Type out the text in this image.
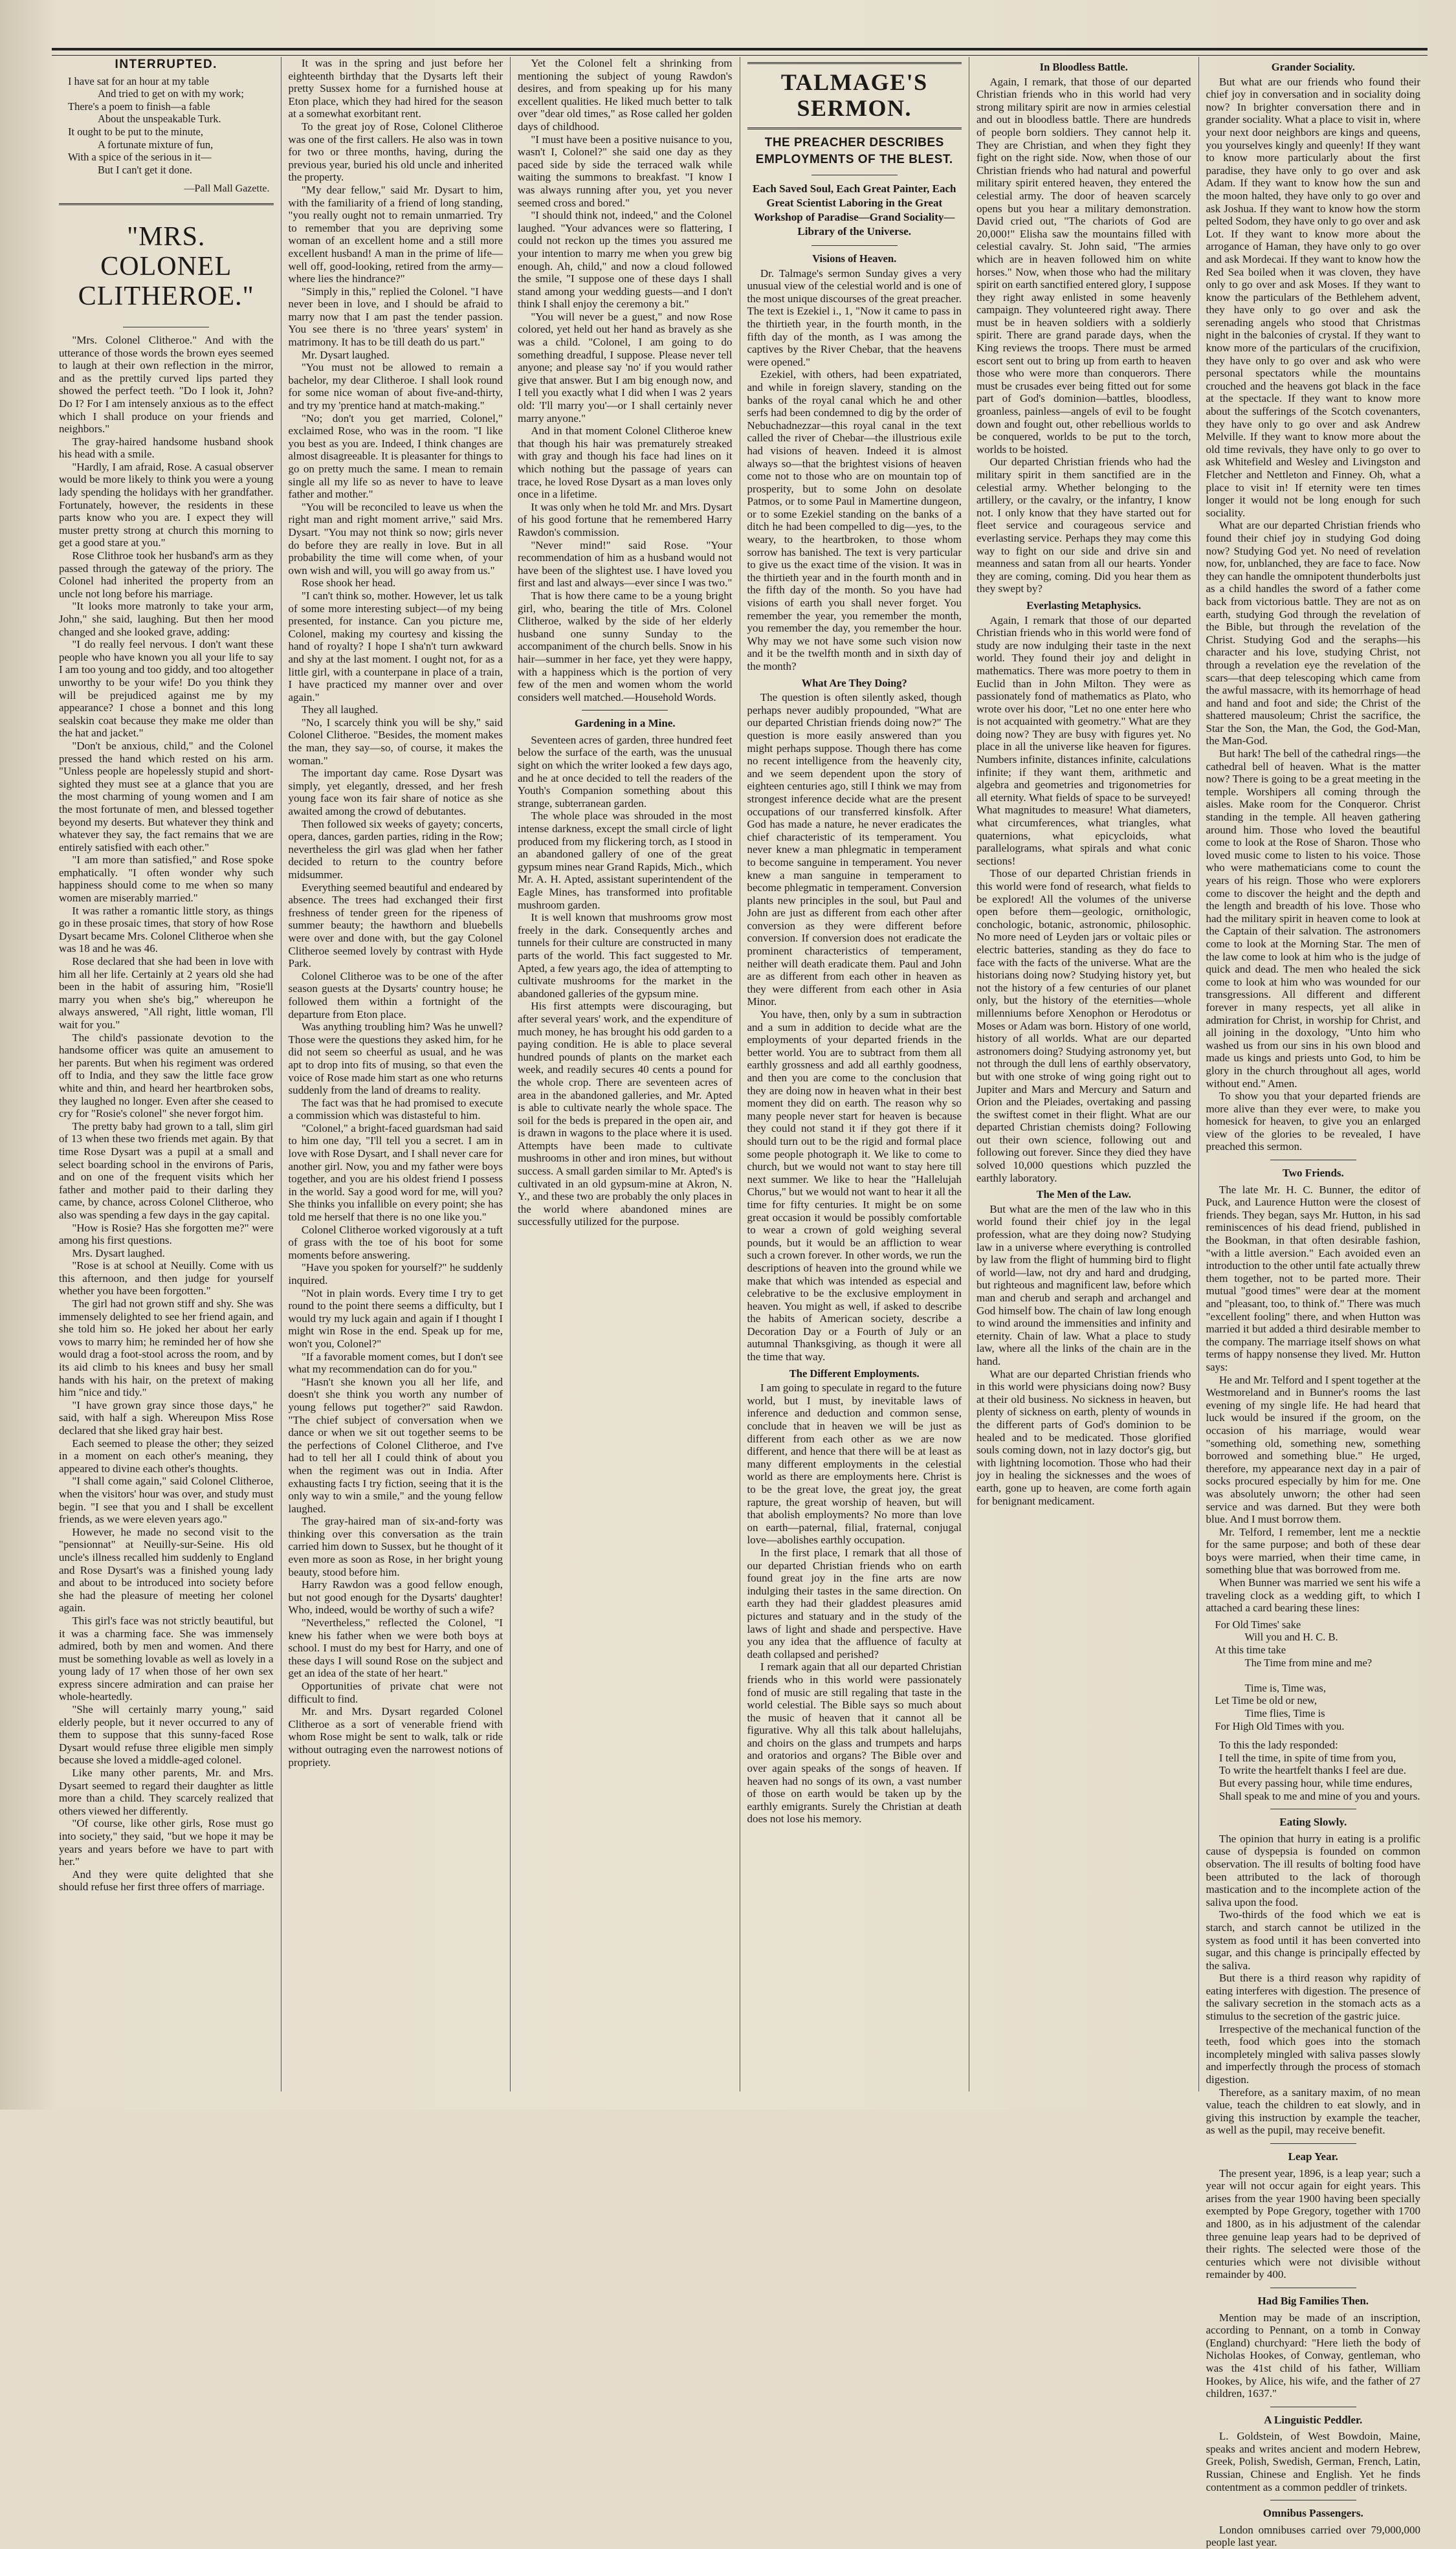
INTERRUPTED.
I have sat for an hour at my table
And tried to get on with my work;
There's a poem to finish—a fable
About the unspeakable Turk.
It ought to be put to the minute,
A fortunate mixture of fun,
With a spice of the serious in it—
But I can't get it done.
—Pall Mall Gazette.
"MRS. COLONEL CLITHEROE."

"Mrs. Colonel Clitheroe." And with the utterance of those words the brown eyes seemed to laugh at their own reflection in the mirror, and as the prettily curved lips parted they showed the perfect teeth. "Do I look it, John? Do I? For I am intensely anxious as to the effect which I shall produce on your friends and neighbors."

The gray-haired handsome husband shook his head with a smile.

"Hardly, I am afraid, Rose. A casual observer would be more likely to think you were a young lady spending the holidays with her grandfather. Fortunately, however, the residents in these parts know who you are. I expect they will muster pretty strong at church this morning to get a good stare at you."

Rose Clithroe took her husband's arm as they passed through the gateway of the priory. The Colonel had inherited the property from an uncle not long before his marriage.

"It looks more matronly to take your arm, John," she said, laughing. But then her mood changed and she looked grave, adding:

"I do really feel nervous. I don't want these people who have known you all your life to say I am too young and too giddy, and too altogether unworthy to be your wife! Do you think they will be prejudiced against me by my appearance? I chose a bonnet and this long sealskin coat because they make me older than the hat and jacket."

"Don't be anxious, child," and the Colonel pressed the hand which rested on his arm. "Unless people are hopelessly stupid and short-sighted they must see at a glance that you are the most charming of young women and I am the most fortunate of men, and blessed together beyond my deserts. But whatever they think and whatever they say, the fact remains that we are entirely satisfied with each other."

"I am more than satisfied," and Rose spoke emphatically. "I often wonder why such happiness should come to me when so many women are miserably married."

It was rather a romantic little story, as things go in these prosaic times, that story of how Rose Dysart became Mrs. Colonel Clitheroe when she was 18 and he was 46.

Rose declared that she had been in love with him all her life. Certainly at 2 years old she had been in the habit of assuring him, "Rosie'll marry you when she's big," whereupon he always answered, "All right, little woman, I'll wait for you."

The child's passionate devotion to the handsome officer was quite an amusement to her parents. But when his regiment was ordered off to India, and they saw the little face grow white and thin, and heard her heartbroken sobs, they laughed no longer. Even after she ceased to cry for "Rosie's colonel" she never forgot him.

The pretty baby had grown to a tall, slim girl of 13 when these two friends met again. By that time Rose Dysart was a pupil at a small and select boarding school in the environs of Paris, and on one of the frequent visits which her father and mother paid to their darling they came, by chance, across Colonel Clitheroe, who also was spending a few days in the gay capital.

"How is Rosie? Has she forgotten me?" were among his first questions.

Mrs. Dysart laughed.

"Rose is at school at Neuilly. Come with us this afternoon, and then judge for yourself whether you have been forgotten."

The girl had not grown stiff and shy. She was immensely delighted to see her friend again, and she told him so. He joked her about her early vows to marry him; he reminded her of how she would drag a foot-stool across the room, and by its aid climb to his knees and busy her small hands with his hair, on the pretext of making him "nice and tidy."

"I have grown gray since those days," he said, with half a sigh. Whereupon Miss Rose declared that she liked gray hair best.

Each seemed to please the other; they seized in a moment on each other's meaning, they appeared to divine each other's thoughts.

"I shall come again," said Colonel Clitheroe, when the visitors' hour was over, and study must begin. "I see that you and I shall be excellent friends, as we were eleven years ago."

However, he made no second visit to the "pensionnat" at Neuilly-sur-Seine. His old uncle's illness recalled him suddenly to England and Rose Dysart's was a finished young lady and about to be introduced into society before she had the pleasure of meeting her colonel again.

This girl's face was not strictly beautiful, but it was a charming face. She was immensely admired, both by men and women. And there must be something lovable as well as lovely in a young lady of 17 when those of her own sex express sincere admiration and can praise her whole-heartedly.

"She will certainly marry young," said elderly people, but it never occurred to any of them to suppose that this sunny-faced Rose Dysart would refuse three eligible men simply because she loved a middle-aged colonel.

Like many other parents, Mr. and Mrs. Dysart seemed to regard their daughter as little more than a child. They scarcely realized that others viewed her differently.

"Of course, like other girls, Rose must go into society," they said, "but we hope it may be years and years before we have to part with her."

And they were quite delighted that she should refuse her first three offers of marriage.

It was in the spring and just before her eighteenth birthday that the Dysarts left their pretty Sussex home for a furnished house at Eton place, which they had hired for the season at a somewhat exorbitant rent.

To the great joy of Rose, Colonel Clitheroe was one of the first callers. He also was in town for two or three months, having, during the previous year, buried his old uncle and inherited the property.

"My dear fellow," said Mr. Dysart to him, with the familiarity of a friend of long standing, "you really ought not to remain unmarried. Try to remember that you are depriving some woman of an excellent home and a still more excellent husband! A man in the prime of life—well off, good-looking, retired from the army—where lies the hindrance?"

"Simply in this," replied the Colonel. "I have never been in love, and I should be afraid to marry now that I am past the tender passion. You see there is no 'three years' system' in matrimony. It has to be till death do us part."

Mr. Dysart laughed.

"You must not be allowed to remain a bachelor, my dear Clitheroe. I shall look round for some nice woman of about five-and-thirty, and try my 'prentice hand at match-making."

"No; don't you get married, Colonel," exclaimed Rose, who was in the room. "I like you best as you are. Indeed, I think changes are almost disagreeable. It is pleasanter for things to go on pretty much the same. I mean to remain single all my life so as never to have to leave father and mother."

"You will be reconciled to leave us when the right man and right moment arrive," said Mrs. Dysart. "You may not think so now; girls never do before they are really in love. But in all probability the time will come when, of your own wish and will, you will go away from us."

Rose shook her head.

"I can't think so, mother. However, let us talk of some more interesting subject—of my being presented, for instance. Can you picture me, Colonel, making my courtesy and kissing the hand of royalty? I hope I sha'n't turn awkward and shy at the last moment. I ought not, for as a little girl, with a counterpane in place of a train, I have practiced my manner over and over again."

They all laughed.

"No, I scarcely think you will be shy," said Colonel Clitheroe. "Besides, the moment makes the man, they say—so, of course, it makes the woman."

The important day came. Rose Dysart was simply, yet elegantly, dressed, and her fresh young face won its fair share of notice as she awaited among the crowd of debutantes.

Then followed six weeks of gayety; concerts, opera, dances, garden parties, riding in the Row; nevertheless the girl was glad when her father decided to return to the country before midsummer.

Everything seemed beautiful and endeared by absence. The trees had exchanged their first freshness of tender green for the ripeness of summer beauty; the hawthorn and bluebells were over and done with, but the gay Colonel Clitheroe seemed lovely by contrast with Hyde Park.

Colonel Clitheroe was to be one of the after season guests at the Dysarts' country house; he followed them within a fortnight of the departure from Eton place.

Was anything troubling him? Was he unwell? Those were the questions they asked him, for he did not seem so cheerful as usual, and he was apt to drop into fits of musing, so that even the voice of Rose made him start as one who returns suddenly from the land of dreams to reality.

The fact was that he had promised to execute a commission which was distasteful to him.

"Colonel," a bright-faced guardsman had said to him one day, "I'll tell you a secret. I am in love with Rose Dysart, and I shall never care for another girl. Now, you and my father were boys together, and you are his oldest friend I possess in the world. Say a good word for me, will you? She thinks you infallible on every point; she has told me herself that there is no one like you."

Colonel Clitheroe worked vigorously at a tuft of grass with the toe of his boot for some moments before answering.

"Have you spoken for yourself?" he suddenly inquired.

"Not in plain words. Every time I try to get round to the point there seems a difficulty, but I would try my luck again and again if I thought I might win Rose in the end. Speak up for me, won't you, Colonel?"

"If a favorable moment comes, but I don't see what my recommendation can do for you."

"Hasn't she known you all her life, and doesn't she think you worth any number of young fellows put together?" said Rawdon. "The chief subject of conversation when we dance or when we sit out together seems to be the perfections of Colonel Clitheroe, and I've had to tell her all I could think of about you when the regiment was out in India. After exhausting facts I try fiction, seeing that it is the only way to win a smile," and the young fellow laughed.

The gray-haired man of six-and-forty was thinking over this conversation as the train carried him down to Sussex, but he thought of it even more as soon as Rose, in her bright young beauty, stood before him.

Harry Rawdon was a good fellow enough, but not good enough for the Dysarts' daughter! Who, indeed, would be worthy of such a wife?

"Nevertheless," reflected the Colonel, "I knew his father when we were both boys at school. I must do my best for Harry, and one of these days I will sound Rose on the subject and get an idea of the state of her heart."

Opportunities of private chat were not difficult to find.

Mr. and Mrs. Dysart regarded Colonel Clitheroe as a sort of venerable friend with whom Rose might be sent to walk, talk or ride without outraging even the narrowest notions of propriety.

Yet the Colonel felt a shrinking from mentioning the subject of young Rawdon's desires, and from speaking up for his many excellent qualities. He liked much better to talk over "dear old times," as Rose called her golden days of childhood.

"I must have been a positive nuisance to you, wasn't I, Colonel?" she said one day as they paced side by side the terraced walk while waiting the summons to breakfast. "I know I was always running after you, yet you never seemed cross and bored."

"I should think not, indeed," and the Colonel laughed. "Your advances were so flattering, I could not reckon up the times you assured me your intention to marry me when you grew big enough. Ah, child," and now a cloud followed the smile, "I suppose one of these days I shall stand among your wedding guests—and I don't think I shall enjoy the ceremony a bit."

"You will never be a guest," and now Rose colored, yet held out her hand as bravely as she was a child. "Colonel, I am going to do something dreadful, I suppose. Please never tell anyone; and please say 'no' if you would rather give that answer. But I am big enough now, and I tell you exactly what I did when I was 2 years old: 'I'll marry you'—or I shall certainly never marry anyone."

And in that moment Colonel Clitheroe knew that though his hair was prematurely streaked with gray and though his face had lines on it which nothing but the passage of years can trace, he loved Rose Dysart as a man loves only once in a lifetime.

It was only when he told Mr. and Mrs. Dysart of his good fortune that he remembered Harry Rawdon's commission.

"Never mind!" said Rose. "Your recommendation of him as a husband would not have been of the slightest use. I have loved you first and last and always—ever since I was two."

That is how there came to be a young bright girl, who, bearing the title of Mrs. Colonel Clitheroe, walked by the side of her elderly husband one sunny Sunday to the accompaniment of the church bells. Snow in his hair—summer in her face, yet they were happy, with a happiness which is the portion of very few of the men and women whom the world considers well matched.—Household Words.

Gardening in a Mine.

Seventeen acres of garden, three hundred feet below the surface of the earth, was the unusual sight on which the writer looked a few days ago, and he at once decided to tell the readers of the Youth's Companion something about this strange, subterranean garden.

The whole place was shrouded in the most intense darkness, except the small circle of light produced from my flickering torch, as I stood in an abandoned gallery of one of the great gypsum mines near Grand Rapids, Mich., which Mr. A. H. Apted, assistant superintendent of the Eagle Mines, has transformed into profitable mushroom garden.

It is well known that mushrooms grow most freely in the dark. Consequently arches and tunnels for their culture are constructed in many parts of the world. This fact suggested to Mr. Apted, a few years ago, the idea of attempting to cultivate mushrooms for the market in the abandoned galleries of the gypsum mine.

His first attempts were discouraging, but after several years' work, and the expenditure of much money, he has brought his odd garden to a paying condition. He is able to place several hundred pounds of plants on the market each week, and readily secures 40 cents a pound for the whole crop. There are seventeen acres of area in the abandoned galleries, and Mr. Apted is able to cultivate nearly the whole space. The soil for the beds is prepared in the open air, and is drawn in wagons to the place where it is used. Attempts have been made to cultivate mushrooms in other and iron mines, but without success. A small garden similar to Mr. Apted's is cultivated in an old gypsum-mine at Akron, N. Y., and these two are probably the only places in the world where abandoned mines are successfully utilized for the purpose.

TALMAGE'S SERMON.
THE PREACHER DESCRIBES EMPLOYMENTS OF THE BLEST.
Each Saved Soul, Each Great Painter, Each Great Scientist Laboring in the Great Workshop of Paradise—Grand Sociality—Library of the Universe.
Visions of Heaven.

Dr. Talmage's sermon Sunday gives a very unusual view of the celestial world and is one of the most unique discourses of the great preacher. The text is Ezekiel i., 1, "Now it came to pass in the thirtieth year, in the fourth month, in the fifth day of the month, as I was among the captives by the River Chebar, that the heavens were opened."

Ezekiel, with others, had been expatriated, and while in foreign slavery, standing on the banks of the royal canal which he and other serfs had been condemned to dig by the order of Nebuchadnezzar—this royal canal in the text called the river of Chebar—the illustrious exile had visions of heaven. Indeed it is almost always so—that the brightest visions of heaven come not to those who are on mountain top of prosperity, but to some John on desolate Patmos, or to some Paul in Mamertine dungeon, or to some Ezekiel standing on the banks of a ditch he had been compelled to dig—yes, to the weary, to the heartbroken, to those whom sorrow has banished. The text is very particular to give us the exact time of the vision. It was in the thirtieth year and in the fourth month and in the fifth day of the month. So you have had visions of earth you shall never forget. You remember the year, you remember the month, you remember the day, you remember the hour. Why may we not have some such vision now and it be the twelfth month and in sixth day of the month?

What Are They Doing?

The question is often silently asked, though perhaps never audibly propounded, "What are our departed Christian friends doing now?" The question is more easily answered than you might perhaps suppose. Though there has come no recent intelligence from the heavenly city, and we seem dependent upon the story of eighteen centuries ago, still I think we may from strongest inference decide what are the present occupations of our transferred kinsfolk. After God has made a nature, he never eradicates the chief characteristic of its temperament. You never knew a man phlegmatic in temperament to become sanguine in temperament. You never knew a man sanguine in temperament to become phlegmatic in temperament. Conversion plants new principles in the soul, but Paul and John are just as different from each other after conversion as they were different before conversion. If conversion does not eradicate the prominent characteristics of temperament, neither will death eradicate them. Paul and John are as different from each other in heaven as they were different from each other in Asia Minor.

You have, then, only by a sum in subtraction and a sum in addition to decide what are the employments of your departed friends in the better world. You are to subtract from them all earthly grossness and add all earthly goodness, and then you are come to the conclusion that they are doing now in heaven what in their best moment they did on earth. The reason why so many people never start for heaven is because they could not stand it if they got there if it should turn out to be the rigid and formal place some people photograph it. We like to come to church, but we would not want to stay here till next summer. We like to hear the "Hallelujah Chorus," but we would not want to hear it all the time for fifty centuries. It might be on some great occasion it would be possibly comfortable to wear a crown of gold weighing several pounds, but it would be an affliction to wear such a crown forever. In other words, we run the descriptions of heaven into the ground while we make that which was intended as especial and celebrative to be the exclusive employment in heaven. You might as well, if asked to describe the habits of American society, describe a Decoration Day or a Fourth of July or an autumnal Thanksgiving, as though it were all the time that way.

The Different Employments.

I am going to speculate in regard to the future world, but I must, by inevitable laws of inference and deduction and common sense, conclude that in heaven we will be just as different from each other as we are now different, and hence that there will be at least as many different employments in the celestial world as there are employments here. Christ is to be the great love, the great joy, the great rapture, the great worship of heaven, but will that abolish employments? No more than love on earth—paternal, filial, fraternal, conjugal love—abolishes earthly occupation.

In the first place, I remark that all those of our departed Christian friends who on earth found great joy in the fine arts are now indulging their tastes in the same direction. On earth they had their gladdest pleasures amid pictures and statuary and in the study of the laws of light and shade and perspective. Have you any idea that the affluence of faculty at death collapsed and perished?

I remark again that all our departed Christian friends who in this world were passionately fond of music are still regaling that taste in the world celestial. The Bible says so much about the music of heaven that it cannot all be figurative. Why all this talk about hallelujahs, and choirs on the glass and trumpets and harps and oratorios and organs? The Bible over and over again speaks of the songs of heaven. If heaven had no songs of its own, a vast number of those on earth would be taken up by the earthly emigrants. Surely the Christian at death does not lose his memory.

In Bloodless Battle.

Again, I remark, that those of our departed Christian friends who in this world had very strong military spirit are now in armies celestial and out in bloodless battle. There are hundreds of people born soldiers. They cannot help it. They are Christian, and when they fight they fight on the right side. Now, when those of our Christian friends who had natural and powerful military spirit entered heaven, they entered the celestial army. The door of heaven scarcely opens but you hear a military demonstration. David cried out, "The chariots of God are 20,000!" Elisha saw the mountains filled with celestial cavalry. St. John said, "The armies which are in heaven followed him on white horses." Now, when those who had the military spirit on earth sanctified entered glory, I suppose they right away enlisted in some heavenly campaign. They volunteered right away. There must be in heaven soldiers with a soldierly spirit. There are grand parade days, when the King reviews the troops. There must be armed escort sent out to bring up from earth to heaven those who were more than conquerors. There must be crusades ever being fitted out for some part of God's dominion—battles, bloodless, groanless, painless—angels of evil to be fought down and fought out, other rebellious worlds to be conquered, worlds to be put to the torch, worlds to be hoisted.

Our departed Christian friends who had the military spirit in them sanctified are in the celestial army. Whether belonging to the artillery, or the cavalry, or the infantry, I know not. I only know that they have started out for fleet service and courageous service and everlasting service. Perhaps they may come this way to fight on our side and drive sin and meanness and satan from all our hearts. Yonder they are coming, coming. Did you hear them as they swept by?

Everlasting Metaphysics.

Again, I remark that those of our departed Christian friends who in this world were fond of study are now indulging their taste in the next world. They found their joy and delight in mathematics. There was more poetry to them in Euclid than in John Milton. They were as passionately fond of mathematics as Plato, who wrote over his door, "Let no one enter here who is not acquainted with geometry." What are they doing now? They are busy with figures yet. No place in all the universe like heaven for figures. Numbers infinite, distances infinite, calculations infinite; if they want them, arithmetic and algebra and geometries and trigonometries for all eternity. What fields of space to be surveyed! What magnitudes to measure! What diameters, what circumferences, what triangles, what quaternions, what epicycloids, what parallelograms, what spirals and what conic sections!

Those of our departed Christian friends in this world were fond of research, what fields to be explored! All the volumes of the universe open before them—geologic, ornithologic, conchologic, botanic, astronomic, philosophic. No more need of Leyden jars or voltaic piles or electric batteries, standing as they do face to face with the facts of the universe. What are the historians doing now? Studying history yet, but not the history of a few centuries of our planet only, but the history of the eternities—whole millenniums before Xenophon or Herodotus or Moses or Adam was born. History of one world, history of all worlds. What are our departed astronomers doing? Studying astronomy yet, but not through the dull lens of earthly observatory, but with one stroke of wing going right out to Jupiter and Mars and Mercury and Saturn and Orion and the Pleiades, overtaking and passing the swiftest comet in their flight. What are our departed Christian chemists doing? Following out their own science, following out and following out forever. Since they died they have solved 10,000 questions which puzzled the earthly laboratory.

The Men of the Law.

But what are the men of the law who in this world found their chief joy in the legal profession, what are they doing now? Studying law in a universe where everything is controlled by law from the flight of humming bird to flight of world—law, not dry and hard and drudging, but righteous and magnificent law, before which man and cherub and seraph and archangel and God himself bow. The chain of law long enough to wind around the immensities and infinity and eternity. Chain of law. What a place to study law, where all the links of the chain are in the hand.

What are our departed Christian friends who in this world were physicians doing now? Busy at their old business. No sickness in heaven, but plenty of sickness on earth, plenty of wounds in the different parts of God's dominion to be healed and to be medicated. Those glorified souls coming down, not in lazy doctor's gig, but with lightning locomotion. Those who had their joy in healing the sicknesses and the woes of earth, gone up to heaven, are come forth again for benignant medicament.

Grander Sociality.

But what are our friends who found their chief joy in conversation and in sociality doing now? In brighter conversation there and in grander sociality. What a place to visit in, where your next door neighbors are kings and queens, you yourselves kingly and queenly! If they want to know more particularly about the first paradise, they have only to go over and ask Adam. If they want to know how the sun and the moon halted, they have only to go over and ask Joshua. If they want to know how the storm pelted Sodom, they have only to go over and ask Lot. If they want to know more about the arrogance of Haman, they have only to go over and ask Mordecai. If they want to know how the Red Sea boiled when it was cloven, they have only to go over and ask Moses. If they want to know the particulars of the Bethlehem advent, they have only to go over and ask the serenading angels who stood that Christmas night in the balconies of crystal. If they want to know more of the particulars of the crucifixion, they have only to go over and ask who were personal spectators while the mountains crouched and the heavens got black in the face at the spectacle. If they want to know more about the sufferings of the Scotch covenanters, they have only to go over and ask Andrew Melville. If they want to know more about the old time revivals, they have only to go over to ask Whitefield and Wesley and Livingston and Fletcher and Nettleton and Finney. Oh, what a place to visit in! If eternity were ten times longer it would not be long enough for such sociality.

What are our departed Christian friends who found their chief joy in studying God doing now? Studying God yet. No need of revelation now, for, unblanched, they are face to face. Now they can handle the omnipotent thunderbolts just as a child handles the sword of a father come back from victorious battle. They are not as on earth, studying God through the revelation of the Bible, but through the revelation of the Christ. Studying God and the seraphs—his character and his love, studying Christ, not through a revelation eye the revelation of the scars—that deep telescoping which came from the awful massacre, with its hemorrhage of head and hand and foot and side; the Christ of the shattered mausoleum; Christ the sacrifice, the Star the Son, the Man, the God, the God-Man, the Man-God.

But hark! The bell of the cathedral rings—the cathedral bell of heaven. What is the matter now? There is going to be a great meeting in the temple. Worshipers all coming through the aisles. Make room for the Conqueror. Christ standing in the temple. All heaven gathering around him. Those who loved the beautiful come to look at the Rose of Sharon. Those who loved music come to listen to his voice. Those who were mathematicians come to count the years of his reign. Those who were explorers come to discover the height and the depth and the length and breadth of his love. Those who had the military spirit in heaven come to look at the Captain of their salvation. The astronomers come to look at the Morning Star. The men of the law come to look at him who is the judge of quick and dead. The men who healed the sick come to look at him who was wounded for our transgressions. All different and different forever in many respects, yet all alike in admiration for Christ, in worship for Christ, and all joining in the doxology, "Unto him who washed us from our sins in his own blood and made us kings and priests unto God, to him be glory in the church throughout all ages, world without end." Amen.

To show you that your departed friends are more alive than they ever were, to make you homesick for heaven, to give you an enlarged view of the glories to be revealed, I have preached this sermon.

Two Friends.

The late Mr. H. C. Bunner, the editor of Puck, and Laurence Hutton were the closest of friends. They began, says Mr. Hutton, in his sad reminiscences of his dead friend, published in the Bookman, in that often desirable fashion, "with a little aversion." Each avoided even an introduction to the other until fate actually threw them together, not to be parted more. Their mutual "good times" were dear at the moment and "pleasant, too, to think of." There was much "excellent fooling" there, and when Hutton was married it but added a third desirable member to the company. The marriage itself shows on what terms of happy nonsense they lived. Mr. Hutton says:

He and Mr. Telford and I spent together at the Westmoreland and in Bunner's rooms the last evening of my single life. He had heard that luck would be insured if the groom, on the occasion of his marriage, would wear "something old, something new, something borrowed and something blue." He urged, therefore, my appearance next day in a pair of socks procured especially by him for me. One was absolutely unworn; the other had seen service and was darned. But they were both blue. And I must borrow them.

Mr. Telford, I remember, lent me a necktie for the same purpose; and both of these dear boys were married, when their time came, in something blue that was borrowed from me.

When Bunner was married we sent his wife a traveling clock as a wedding gift, to which I attached a card bearing these lines:

For Old Times' sake
Will you and H. C. B.
At this time take
The Time from mine and me?

Time is, Time was,
Let Time be old or new,
Time flies, Time is
For High Old Times with you.

To this the lady responded:

I tell the time, in spite of time from you,

To write the heartfelt thanks I feel are due.

But every passing hour, while time endures,

Shall speak to me and mine of you and yours.

Eating Slowly.

The opinion that hurry in eating is a prolific cause of dyspepsia is founded on common observation. The ill results of bolting food have been attributed to the lack of thorough mastication and to the incomplete action of the saliva upon the food.

Two-thirds of the food which we eat is starch, and starch cannot be utilized in the system as food until it has been converted into sugar, and this change is principally effected by the saliva.

But there is a third reason why rapidity of eating interferes with digestion. The presence of the salivary secretion in the stomach acts as a stimulus to the secretion of the gastric juice.

Irrespective of the mechanical function of the teeth, food which goes into the stomach incompletely mingled with saliva passes slowly and imperfectly through the process of stomach digestion.

Therefore, as a sanitary maxim, of no mean value, teach the children to eat slowly, and in giving this instruction by example the teacher, as well as the pupil, may receive benefit.

Leap Year.

The present year, 1896, is a leap year; such a year will not occur again for eight years. This arises from the year 1900 having been specially exempted by Pope Gregory, together with 1700 and 1800, as in his adjustment of the calendar three genuine leap years had to be deprived of their rights. The selected were those of the centuries which were not divisible without remainder by 400.

Had Big Families Then.

Mention may be made of an inscription, according to Pennant, on a tomb in Conway (England) churchyard: "Here lieth the body of Nicholas Hookes, of Conway, gentleman, who was the 41st child of his father, William Hookes, by Alice, his wife, and the father of 27 children, 1637."

A Linguistic Peddler.

L. Goldstein, of West Bowdoin, Maine, speaks and writes ancient and modern Hebrew, Greek, Polish, Swedish, German, French, Latin, Russian, Chinese and English. Yet he finds contentment as a common peddler of trinkets.

Omnibus Passengers.

London omnibuses carried over 79,000,000 people last year.
